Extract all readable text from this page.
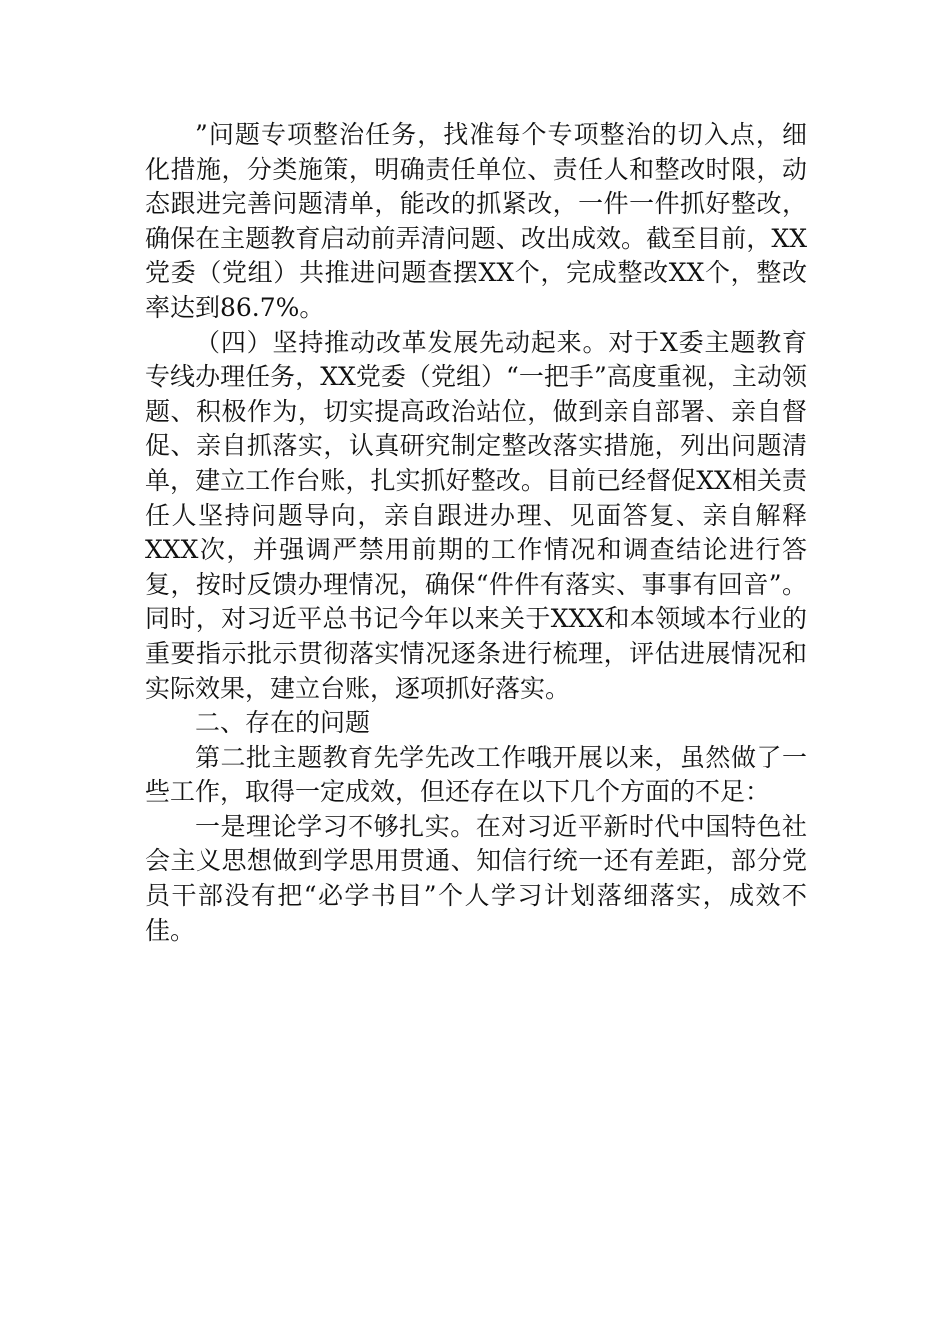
”问题专项整治任务，找准每个专项整治的切入点，细化措施，分类施策，明确责任单位、责任人和整改时限，动态跟进完善问题清单，能改的抓紧改，一件一件抓好整改，确保在主题教育启动前弄清问题、改出成效。截至目前，XX党委（党组）共推进问题查摆XX个，完成整改XX个，整改率达到86.7%。

（四）坚持推动改革发展先动起来。对于X委主题教育专线办理任务，XX党委（党组）“一把手”高度重视，主动领题、积极作为，切实提高政治站位，做到亲自部署、亲自督促、亲自抓落实，认真研究制定整改落实措施，列出问题清单，建立工作台账，扎实抓好整改。目前已经督促XX相关责任人坚持问题导向，亲自跟进办理、见面答复、亲自解释XXX次，并强调严禁用前期的工作情况和调查结论进行答复，按时反馈办理情况，确保“件件有落实、事事有回音”。同时，对习近平总书记今年以来关于XXX和本领域本行业的重要指示批示贯彻落实情况逐条进行梳理，评估进展情况和实际效果，建立台账，逐项抓好落实。

二、存在的问题

第二批主题教育先学先改工作哦开展以来，虽然做了一些工作，取得一定成效，但还存在以下几个方面的不足：

一是理论学习不够扎实。在对习近平新时代中国特色社会主义思想做到学思用贯通、知信行统一还有差距，部分党员干部没有把“必学书目”个人学习计划落细落实，成效不佳。
